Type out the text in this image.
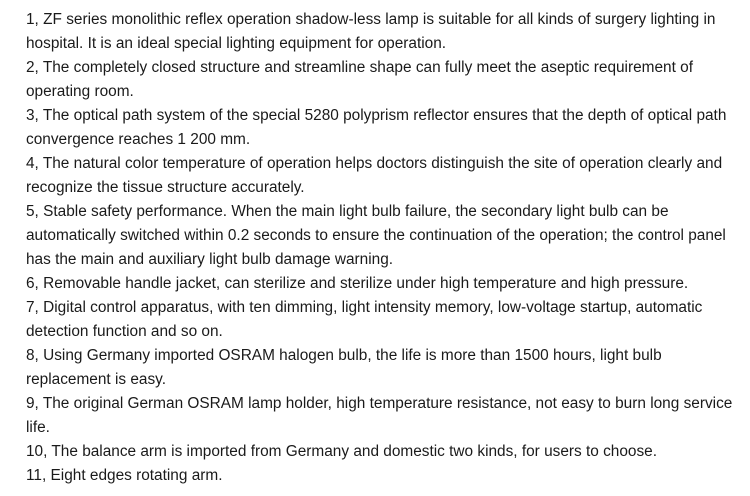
1, ZF series monolithic reflex operation shadow-less lamp is suitable for all kinds of surgery lighting in hospital. It is an ideal special lighting equipment for operation.

2, The completely closed structure and streamline shape can fully meet the aseptic requirement of operating room.

3, The optical path system of the special 5280 polyprism reflector ensures that the depth of optical path convergence reaches 1 200 mm.

4, The natural color temperature of operation helps doctors distinguish the site of operation clearly and recognize the tissue structure accurately.

5, Stable safety performance. When the main light bulb failure, the secondary light bulb can be automatically switched within 0.2 seconds to ensure the continuation of the operation; the control panel has the main and auxiliary light bulb damage warning.

6, Removable handle jacket, can sterilize and sterilize under high temperature and high pressure.

7, Digital control apparatus, with ten dimming, light intensity memory, low-voltage startup, automatic detection function and so on.

8, Using Germany imported OSRAM halogen bulb, the life is more than 1500 hours, light bulb replacement is easy.

9, The original German OSRAM lamp holder, high temperature resistance, not easy to burn long service life.

10, The balance arm is imported from Germany and domestic two kinds, for users to choose.

11, Eight edges rotating arm.
